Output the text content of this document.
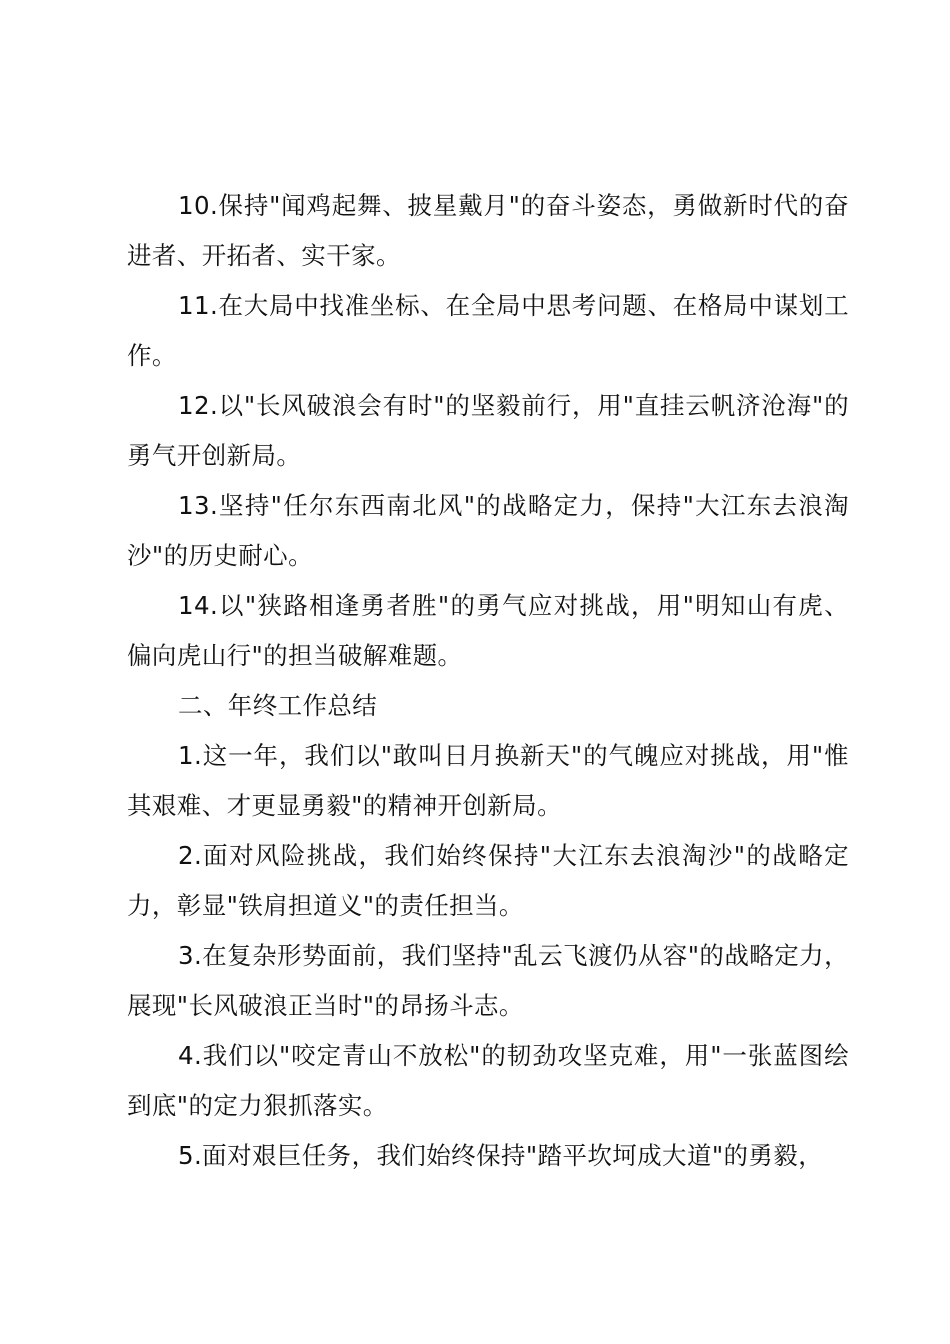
10.保持"闻鸡起舞、披星戴月"的奋斗姿态，勇做新时代的奋进者、开拓者、实干家。

11.在大局中找准坐标、在全局中思考问题、在格局中谋划工作。

12.以"长风破浪会有时"的坚毅前行，用"直挂云帆济沧海"的勇气开创新局。

13.坚持"任尔东西南北风"的战略定力，保持"大江东去浪淘沙"的历史耐心。

14.以"狭路相逢勇者胜"的勇气应对挑战，用"明知山有虎、偏向虎山行"的担当破解难题。

二、年终工作总结

1.这一年，我们以"敢叫日月换新天"的气魄应对挑战，用"惟其艰难、才更显勇毅"的精神开创新局。

2.面对风险挑战，我们始终保持"大江东去浪淘沙"的战略定力，彰显"铁肩担道义"的责任担当。

3.在复杂形势面前，我们坚持"乱云飞渡仍从容"的战略定力，展现"长风破浪正当时"的昂扬斗志。

4.我们以"咬定青山不放松"的韧劲攻坚克难，用"一张蓝图绘到底"的定力狠抓落实。

5.面对艰巨任务，我们始终保持"踏平坎坷成大道"的勇毅，
